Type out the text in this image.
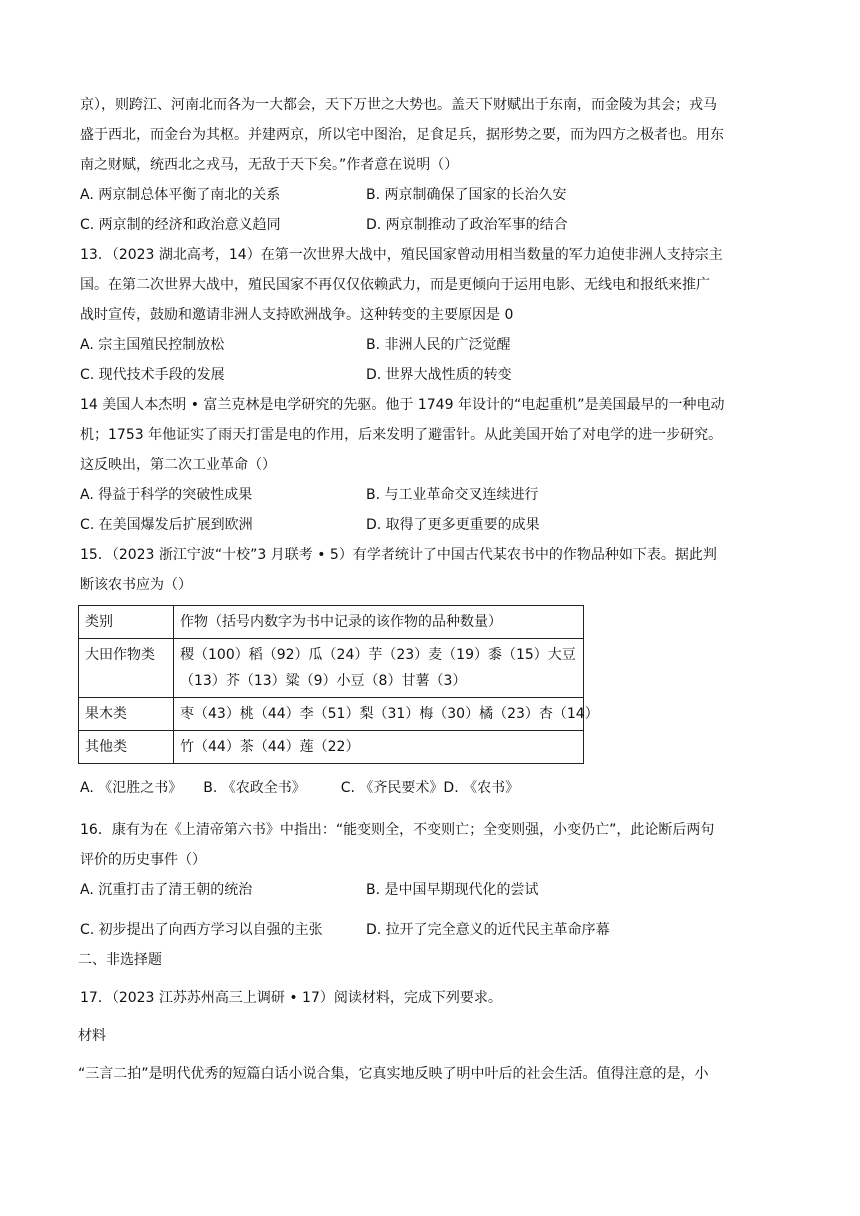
京），则跨江、河南北而各为一大都会，天下万世之大势也。盖天下财赋出于东南，而金陵为其会；戎马

盛于西北，而金台为其枢。并建两京，所以宅中图治，足食足兵，据形势之要，而为四方之极者也。用东

南之财赋，统西北之戎马，无敌于天下矣。”作者意在说明（）

A. 两京制总体平衡了南北的关系	B. 两京制确保了国家的长治久安
C. 两京制的经济和政治意义趋同	D. 两京制推动了政治军事的结合

13．（2023 湖北高考，14）在第一次世界大战中，殖民国家曾动用相当数量的军力迫使非洲人支持宗主

国。在第二次世界大战中，殖民国家不再仅仅依赖武力，而是更倾向于运用电影、无线电和报纸来推广

战时宣传，鼓励和邀请非洲人支持欧洲战争。这种转变的主要原因是 0

A. 宗主国殖民控制放松	B. 非洲人民的广泛觉醒
C. 现代技术手段的发展	D. 世界大战性质的转变

14 美国人本杰明 • 富兰克林是电学研究的先驱。他于 1749 年设计的“电起重机”是美国最早的一种电动

机；1753 年他证实了雨天打雷是电的作用，后来发明了避雷针。从此美国开始了对电学的进一步研究。

这反映出，第二次工业革命（）

A. 得益于科学的突破性成果	B. 与工业革命交叉连续进行
C. 在美国爆发后扩展到欧洲	D. 取得了更多更重要的成果

15．（2023 浙江宁波“十校”3 月联考 • 5）有学者统计了中国古代某农书中的作物品种如下表。据此判

断该农书应为（）

类别	作物（括号内数字为书中记录的该作物的品种数量）
大田作物类	稷（100）稻（92）瓜（24）芋（23）麦（19）黍（15）大豆（13）芥（13）粱（9）小豆（8）甘薯（3）
果木类	枣（43）桃（44）李（51）梨（31）梅（30）橘（23）杏（14）
其他类	竹（44）茶（44）莲（22）
A. 《氾胜之书》　　B. 《农政全书》　　　C. 《齐民要术》D. 《农书》

16．康有为在《上清帝第六书》中指出：“能变则全，不变则亡；全变则强，小变仍亡”，此论断后两句

评价的历史事件（）

A. 沉重打击了清王朝的统治	B. 是中国早期现代化的尝试
C. 初步提出了向西方学习以自强的主张	D. 拉开了完全意义的近代民主革命序幕

二、非选择题

17．（2023 江苏苏州高三上调研 • 17）阅读材料，完成下列要求。

材料

“三言二拍”是明代优秀的短篇白话小说合集，它真实地反映了明中叶后的社会生活。值得注意的是，小
